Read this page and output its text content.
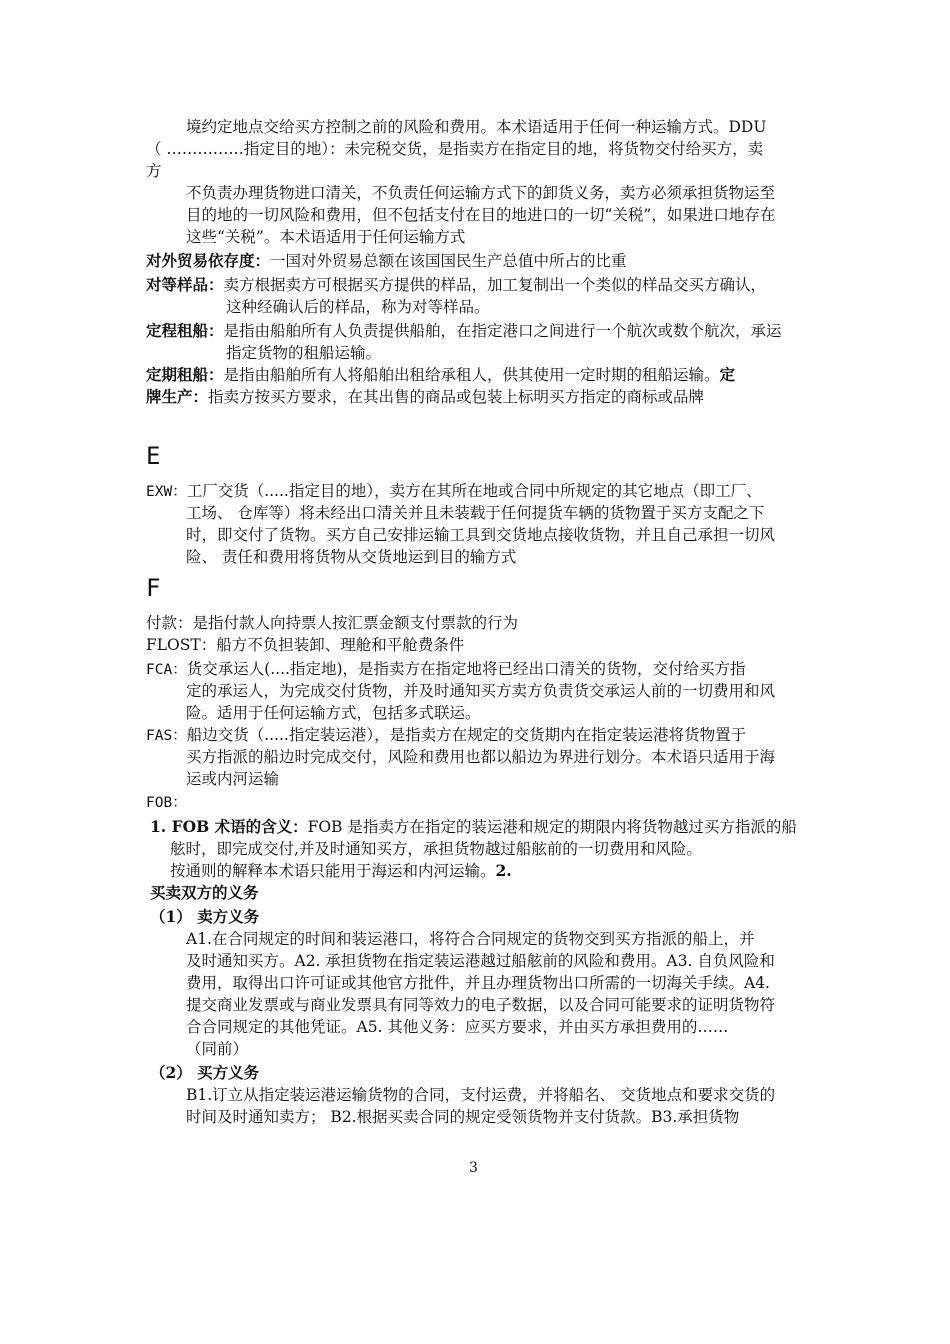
境约定地点交给买方控制之前的风险和费用。本术语适用于任何一种运输方式。DDU
（ ……………指定目的地）：未完税交货，是指卖方在指定目的地，将货物交付给买方，卖
方
不负责办理货物进口清关，不负责任何运输方式下的卸货义务，卖方必须承担货物运至
目的地的一切风险和费用，但不包括支付在目的地进口的一切“关税”，如果进口地存在
这些“关税”。本术语适用于任何运输方式
对外贸易依存度：一国对外贸易总额在该国国民生产总值中所占的比重
对等样品：卖方根据卖方可根据买方提供的样品，加工复制出一个类似的样品交买方确认，
这种经确认后的样品，称为对等样品。
定程租船：是指由船舶所有人负责提供船舶，在指定港口之间进行一个航次或数个航次，承运
指定货物的租船运输。
定期租船：是指由船舶所有人将船舶出租给承租人，供其使用一定时期的租船运输。定
牌生产：指卖方按买方要求，在其出售的商品或包装上标明买方指定的商标或品牌
E
EXW：工厂交货（.....指定目的地），卖方在其所在地或合同中所规定的其它地点（即工厂、
工场、 仓库等）将未经出口清关并且未装载于任何提货车辆的货物置于买方支配之下
时，即交付了货物。买方自己安排运输工具到交货地点接收货物，并且自己承担一切风
险、 责任和费用将货物从交货地运到目的输方式
F
付款：是指付款人向持票人按汇票金额支付票款的行为
FLOST：船方不负担装卸、理舱和平舱费条件
FCA：货交承运人(....指定地)，是指卖方在指定地将已经出口清关的货物，交付给买方指
定的承运人，为完成交付货物，并及时通知买方卖方负责货交承运人前的一切费用和风
险。适用于任何运输方式，包括多式联运。
FAS：船边交货（.....指定装运港），是指卖方在规定的交货期内在指定装运港将货物置于
买方指派的船边时完成交付，风险和费用也都以船边为界进行划分。本术语只适用于海
运或内河运输
FOB：
1. FOB 术语的含义：FOB 是指卖方在指定的装运港和规定的期限内将货物越过买方指派的船
舷时，即完成交付,并及时通知买方，承担货物越过船舷前的一切费用和风险。
按通则的解释本术语只能用于海运和内河运输。2.
买卖双方的义务
（1） 卖方义务
A1.在合同规定的时间和装运港口，将符合合同规定的货物交到买方指派的船上，并
及时通知买方。A2. 承担货物在指定装运港越过船舷前的风险和费用。A3. 自负风险和
费用，取得出口许可证或其他官方批件，并且办理货物出口所需的一切海关手续。A4.
提交商业发票或与商业发票具有同等效力的电子数据，以及合同可能要求的证明货物符
合合同规定的其他凭证。A5. 其他义务：应买方要求，并由买方承担费用的……
（同前）
（2） 买方义务
B1.订立从指定装运港运输货物的合同，支付运费，并将船名、 交货地点和要求交货的
时间及时通知卖方； B2.根据买卖合同的规定受领货物并支付货款。B3.承担货物
3
